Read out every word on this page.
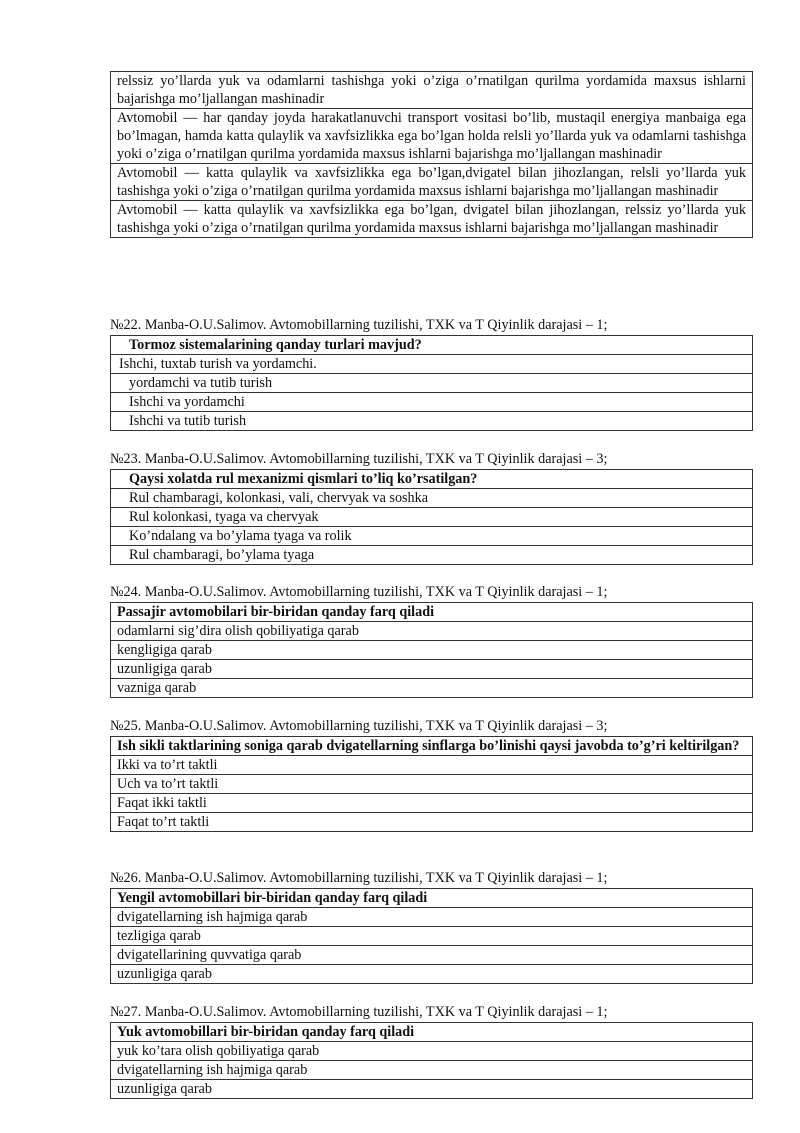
relssiz yo’llarda yuk va odamlarni tashishga yoki o’ziga o’rnatilgan qurilma yordamida maxsus ishlarni bajarishga mo’ljallangan mashinadir
Avtomobil — har qanday joyda harakatlanuvchi transport vositasi bo’lib, mustaqil energiya manbaiga ega bo’lmagan, hamda katta qulaylik va xavfsizlikka ega bo’lgan holda relsli yo’llarda yuk va odamlarni tashishga yoki o’ziga o’rnatilgan qurilma yordamida maxsus ishlarni bajarishga mo’ljallangan mashinadir
Avtomobil — katta qulaylik va xavfsizlikka ega bo’lgan,dvigatel bilan jihozlangan, relsli yo’llarda yuk tashishga yoki o’ziga o’rnatilgan qurilma yordamida maxsus ishlarni bajarishga mo’ljallangan mashinadir
Avtomobil — katta qulaylik va xavfsizlikka ega bo’lgan, dvigatel bilan jihozlangan, relssiz yo’llarda yuk tashishga yoki o’ziga o’rnatilgan qurilma yordamida maxsus ishlarni bajarishga mo’ljallangan mashinadir
№22. Manba-O.U.Salimov. Avtomobillarning tuzilishi, TXK va T Qiyinlik darajasi – 1;
Tormoz sistemalarining qanday turlari mavjud?
Ishchi, tuxtab turish va yordamchi.
yordamchi va tutib turish
Ishchi va yordamchi
Ishchi va tutib turish
№23. Manba-O.U.Salimov. Avtomobillarning tuzilishi, TXK va T Qiyinlik darajasi – 3;
Qaysi xolatda rul mexanizmi qismlari to’liq ko’rsatilgan?
Rul chambaragi, kolonkasi, vali, chervyak va soshka
Rul kolonkasi, tyaga va chervyak
Ko’ndalang va bo’ylama tyaga va rolik
Rul chambaragi, bo’ylama tyaga
№24. Manba-O.U.Salimov. Avtomobillarning tuzilishi, TXK va T Qiyinlik darajasi – 1;
Passajir avtomobilari bir-biridan qanday farq qiladi
odamlarni sig’dira olish qobiliyatiga qarab
kengligiga qarab
uzunligiga qarab
vazniga qarab
№25. Manba-O.U.Salimov. Avtomobillarning tuzilishi, TXK va T Qiyinlik darajasi – 3;
Ish sikli taktlarining soniga qarab dvigatellarning sinflarga bo’linishi qaysi javobda to’g’ri keltirilgan?
Ikki va to’rt taktli
Uch va to’rt taktli
Faqat ikki taktli
Faqat to’rt taktli
№26. Manba-O.U.Salimov. Avtomobillarning tuzilishi, TXK va T Qiyinlik darajasi – 1;
Yengil avtomobillari bir-biridan qanday farq qiladi
dvigatellarning ish hajmiga qarab
tezligiga qarab
dvigatellarining quvvatiga qarab
uzunligiga qarab
№27. Manba-O.U.Salimov. Avtomobillarning tuzilishi, TXK va T Qiyinlik darajasi – 1;
Yuk avtomobillari bir-biridan qanday farq qiladi
yuk ko’tara olish qobiliyatiga qarab
dvigatellarning ish hajmiga qarab
uzunligiga qarab
